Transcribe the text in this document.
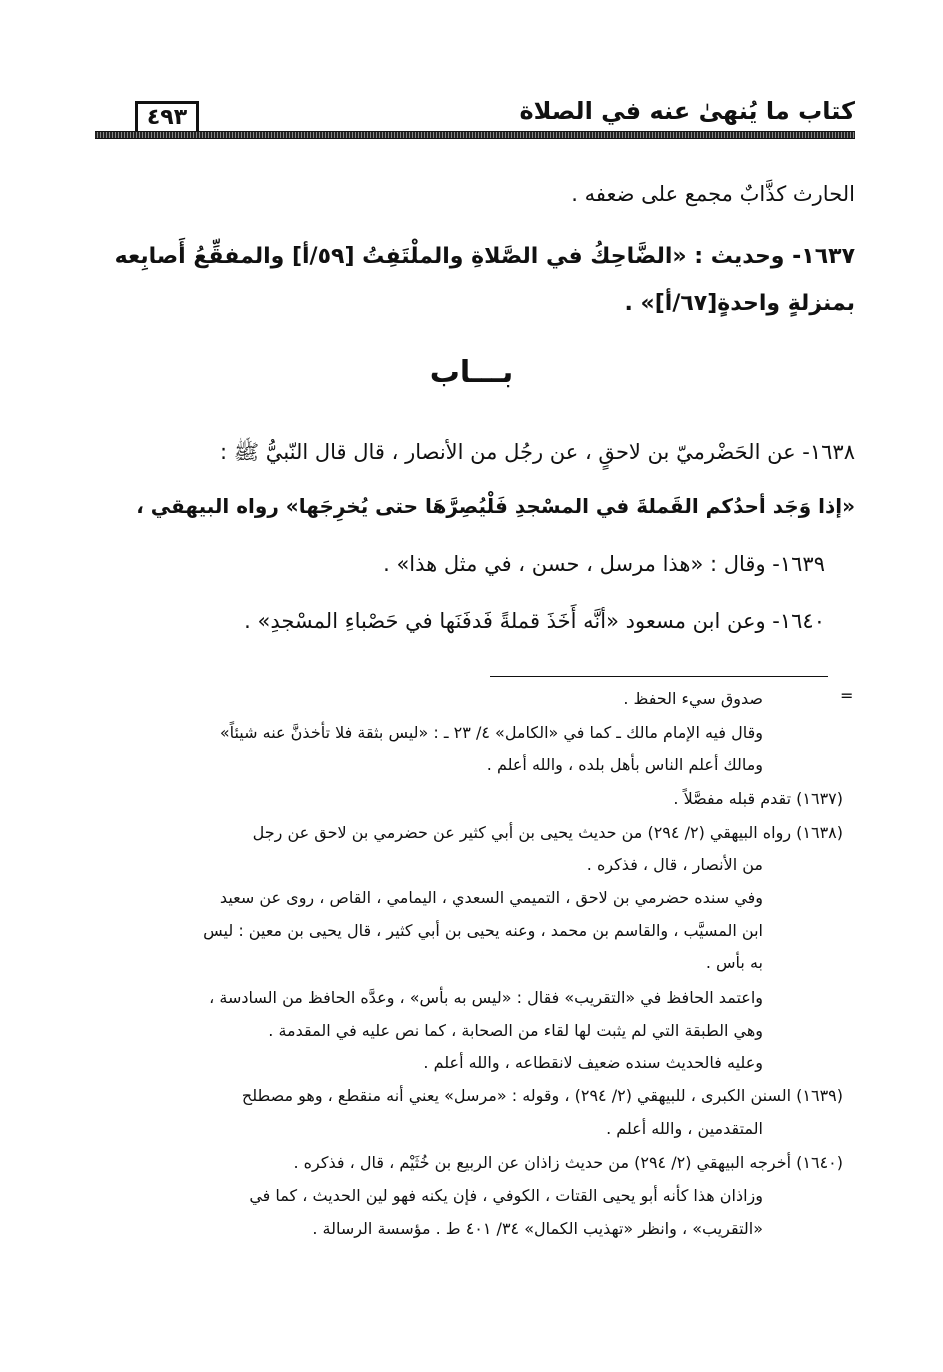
كتاب ما يُنهىٰ عنه في الصلاة
٤٩٣
الحارث كذَّابٌ مجمع على ضعفه .
١٦٣٧- وحديث : «الضَّاحِكُ في الصَّلاةِ والملْتَفِتُ [٥٩/أ] والمفقِّعُ أَصابِعه
بمنزلةٍ واحدةٍ[٦٧/أ]» .
١٦٣٨- عن الحَضْرميّ بن لاحقٍ ، عن رجُل من الأنصار ، قال قال النّبيُّ ﷺ :
«إذا وَجَد أحدُكم القَملةَ في المسْجدِ فَلْيُصِرَّهَا حتى يُخرِجَها» رواه البيهقي ،
١٦٣٩- وقال : «هذا مرسل ، حسن ، في مثل هذا» .
١٦٤٠- وعن ابن مسعود «أنَّه أَخَذَ قملةً فَدفَنَها في حَصْباءِ المسْجدِ» .
بـــاب
=
صدوق سيء الحفظ .
وقال فيه الإمام مالك ـ كما في «الكامل» ٤/ ٢٣ ـ : «ليس بثقة فلا تأخذنَّ عنه شيئاً»
ومالك أعلم الناس بأهل بلده ، والله أعلم .
(١٦٣٧) تقدم قبله مفصَّلاً .
(١٦٣٨) رواه البيهقي (٢/ ٢٩٤) من حديث يحيى بن أبي كثير عن حضرمي بن لاحق عن رجل
من الأنصار ، قال ، فذكره .
وفي سنده حضرمي بن لاحق ، التميمي السعدي ، اليمامي ، القاص ، روى عن سعيد
ابن المسيَّب ، والقاسم بن محمد ، وعنه يحيى بن أبي كثير ، قال يحيى بن معين : ليس
به بأس .
واعتمد الحافظ في «التقريب» فقال : «ليس به بأس» ، وعدَّه الحافظ من السادسة ،
وهي الطبقة التي لم يثبت لها لقاء من الصحابة ، كما نص عليه في المقدمة .
وعليه فالحديث سنده ضعيف لانقطاعه ، والله أعلم .
(١٦٣٩) السنن الكبرى ، للبيهقي (٢/ ٢٩٤) ، وقوله : «مرسل» يعني أنه منقطع ، وهو مصطلح
المتقدمين ، والله أعلم .
(١٦٤٠) أخرجه البيهقي (٢/ ٢٩٤) من حديث زاذان عن الربيع بن خُثَيْم ، قال ، فذكره .
وزاذان هذا كأنه أبو يحيى القتات ، الكوفي ، فإن يكنه فهو لين الحديث ، كما في
«التقريب» ، وانظر «تهذيب الكمال» ٣٤/ ٤٠١ ط . مؤسسة الرسالة .
